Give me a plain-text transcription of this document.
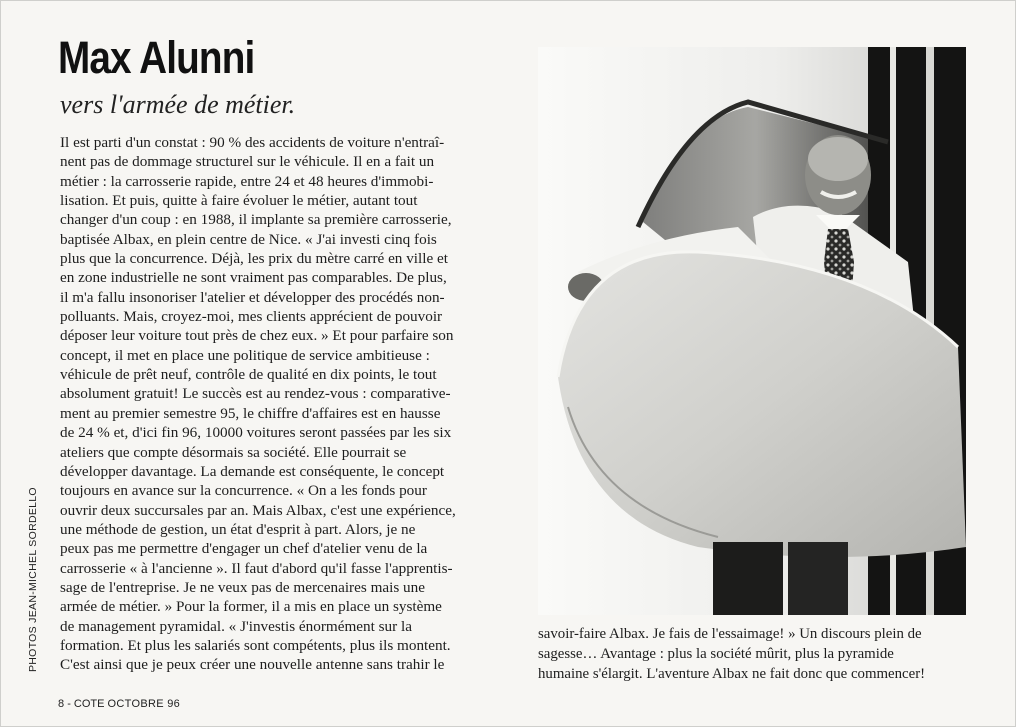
Max Alunni
vers l'armée de métier.
Il est parti d'un constat : 90 % des accidents de voiture n'entraî-
nent pas de dommage structurel sur le véhicule. Il en a fait un
métier : la carrosserie rapide, entre 24 et 48 heures d'immobi-
lisation. Et puis, quitte à faire évoluer le métier, autant tout
changer d'un coup : en 1988, il implante sa première carrosserie,
baptisée Albax, en plein centre de Nice. « J'ai investi cinq fois
plus que la concurrence. Déjà, les prix du mètre carré en ville et
en zone industrielle ne sont vraiment pas comparables. De plus,
il m'a fallu insonoriser l'atelier et développer des procédés non-
polluants. Mais, croyez-moi, mes clients apprécient de pouvoir
déposer leur voiture tout près de chez eux. » Et pour parfaire son
concept, il met en place une politique de service ambitieuse :
véhicule de prêt neuf, contrôle de qualité en dix points, le tout
absolument gratuit! Le succès est au rendez-vous : comparative-
ment au premier semestre 95, le chiffre d'affaires est en hausse
de 24 % et, d'ici fin 96, 10000 voitures seront passées par les six
ateliers que compte désormais sa société. Elle pourrait se
développer davantage. La demande est conséquente, le concept
toujours en avance sur la concurrence. « On a les fonds pour
ouvrir deux succursales par an. Mais Albax, c'est une expérience,
une méthode de gestion, un état d'esprit à part. Alors, je ne
peux pas me permettre d'engager un chef d'atelier venu de la
carrosserie « à l'ancienne ». Il faut d'abord qu'il fasse l'apprentis-
sage de l'entreprise. Je ne veux pas de mercenaires mais une
armée de métier. » Pour la former, il a mis en place un système
de management pyramidal. « J'investis énormément sur la
formation. Et plus les salariés sont compétents, plus ils montent.
C'est ainsi que je peux créer une nouvelle antenne sans trahir le
savoir-faire Albax. Je fais de l'essaimage! » Un discours plein de
sagesse… Avantage : plus la société mûrit, plus la pyramide
humaine s'élargit. L'aventure Albax ne fait donc que commencer!
PHOTOS JEAN-MICHEL SORDELLO
8 - COTE OCTOBRE 96
